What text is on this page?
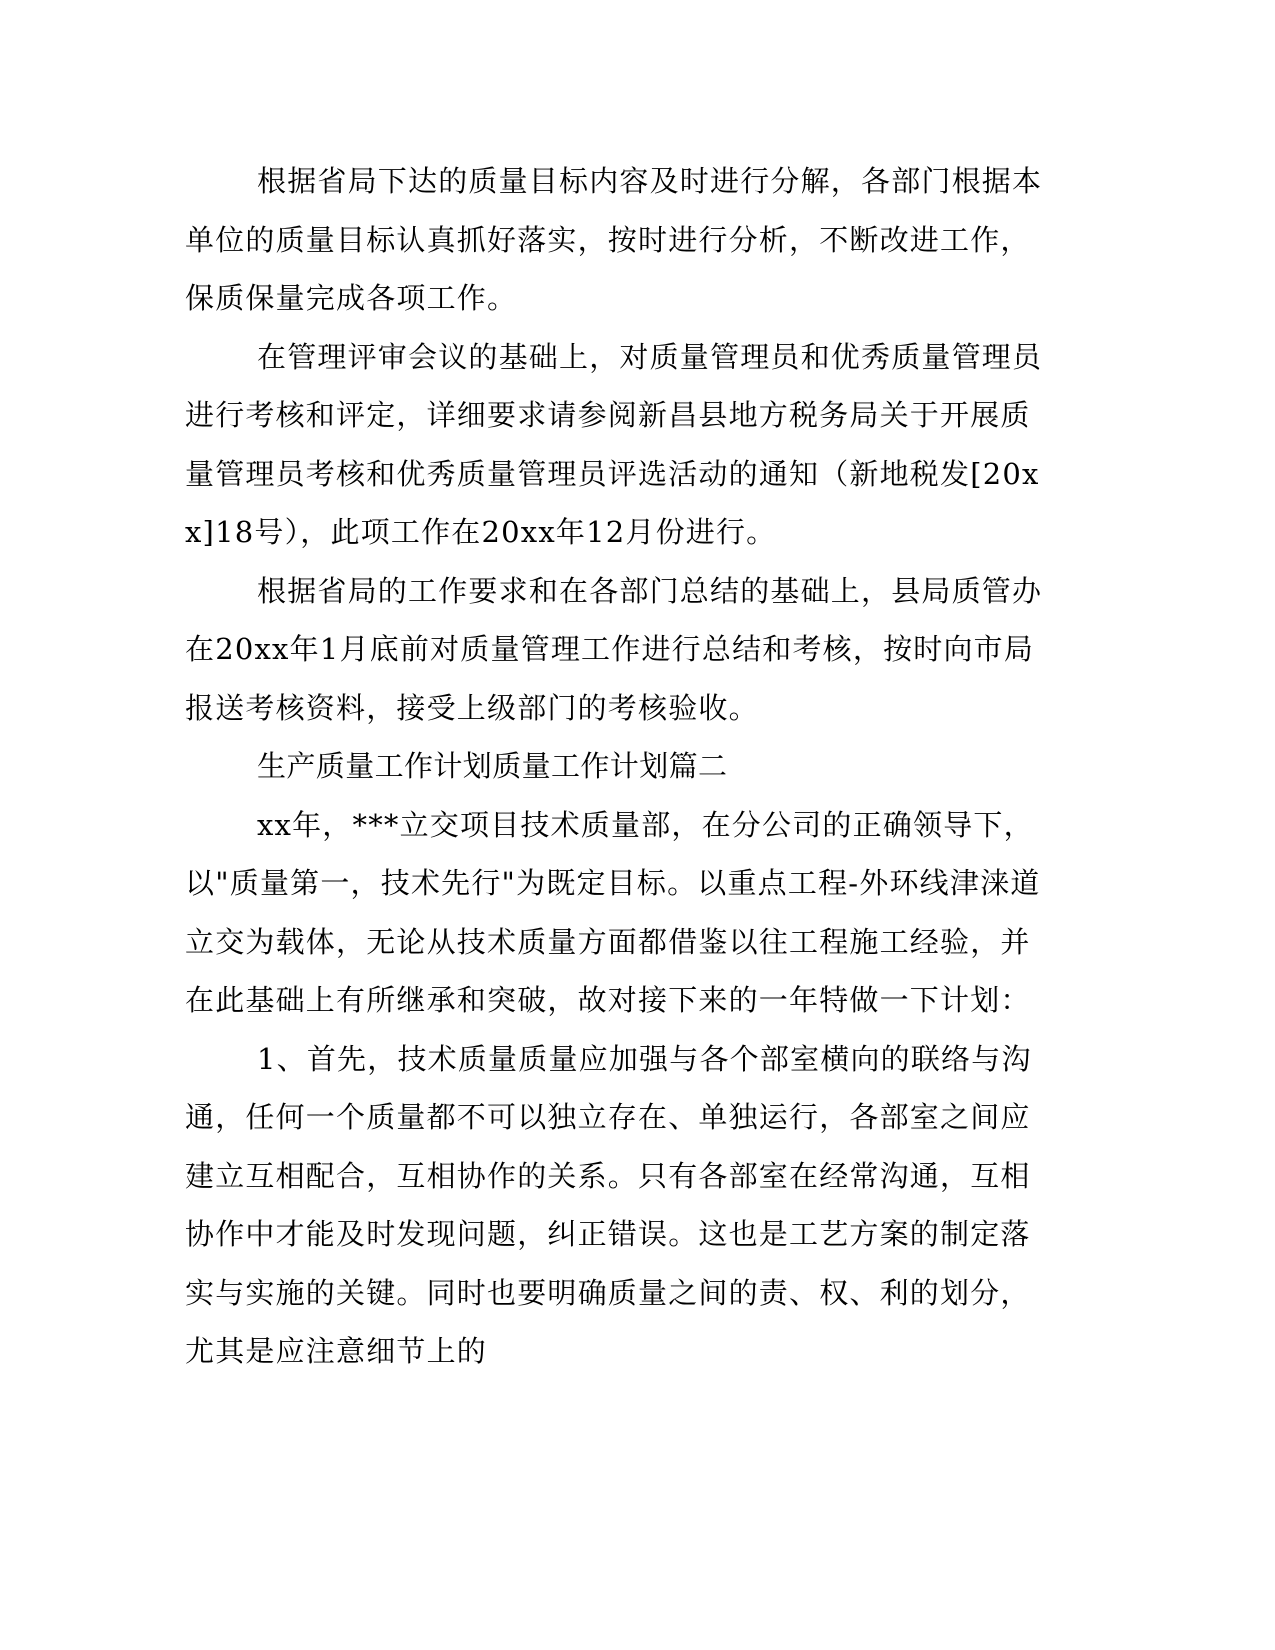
根据省局下达的质量目标内容及时进行分解，各部门根据本单位的质量目标认真抓好落实，按时进行分析，不断改进工作，保质保量完成各项工作。

在管理评审会议的基础上，对质量管理员和优秀质量管理员进行考核和评定，详细要求请参阅新昌县地方税务局关于开展质量管理员考核和优秀质量管理员评选活动的通知（新地税发[20xx]18号），此项工作在20xx年12月份进行。

根据省局的工作要求和在各部门总结的基础上，县局质管办在20xx年1月底前对质量管理工作进行总结和考核，按时向市局报送考核资料，接受上级部门的考核验收。

生产质量工作计划质量工作计划篇二

xx年，***立交项目技术质量部，在分公司的正确领导下，以"质量第一，技术先行"为既定目标。以重点工程-外环线津涞道立交为载体，无论从技术质量方面都借鉴以往工程施工经验，并在此基础上有所继承和突破，故对接下来的一年特做一下计划：

1、首先，技术质量质量应加强与各个部室横向的联络与沟通，任何一个质量都不可以独立存在、单独运行，各部室之间应建立互相配合，互相协作的关系。只有各部室在经常沟通，互相协作中才能及时发现问题，纠正错误。这也是工艺方案的制定落实与实施的关键。同时也要明确质量之间的责、权、利的划分，尤其是应注意细节上的
